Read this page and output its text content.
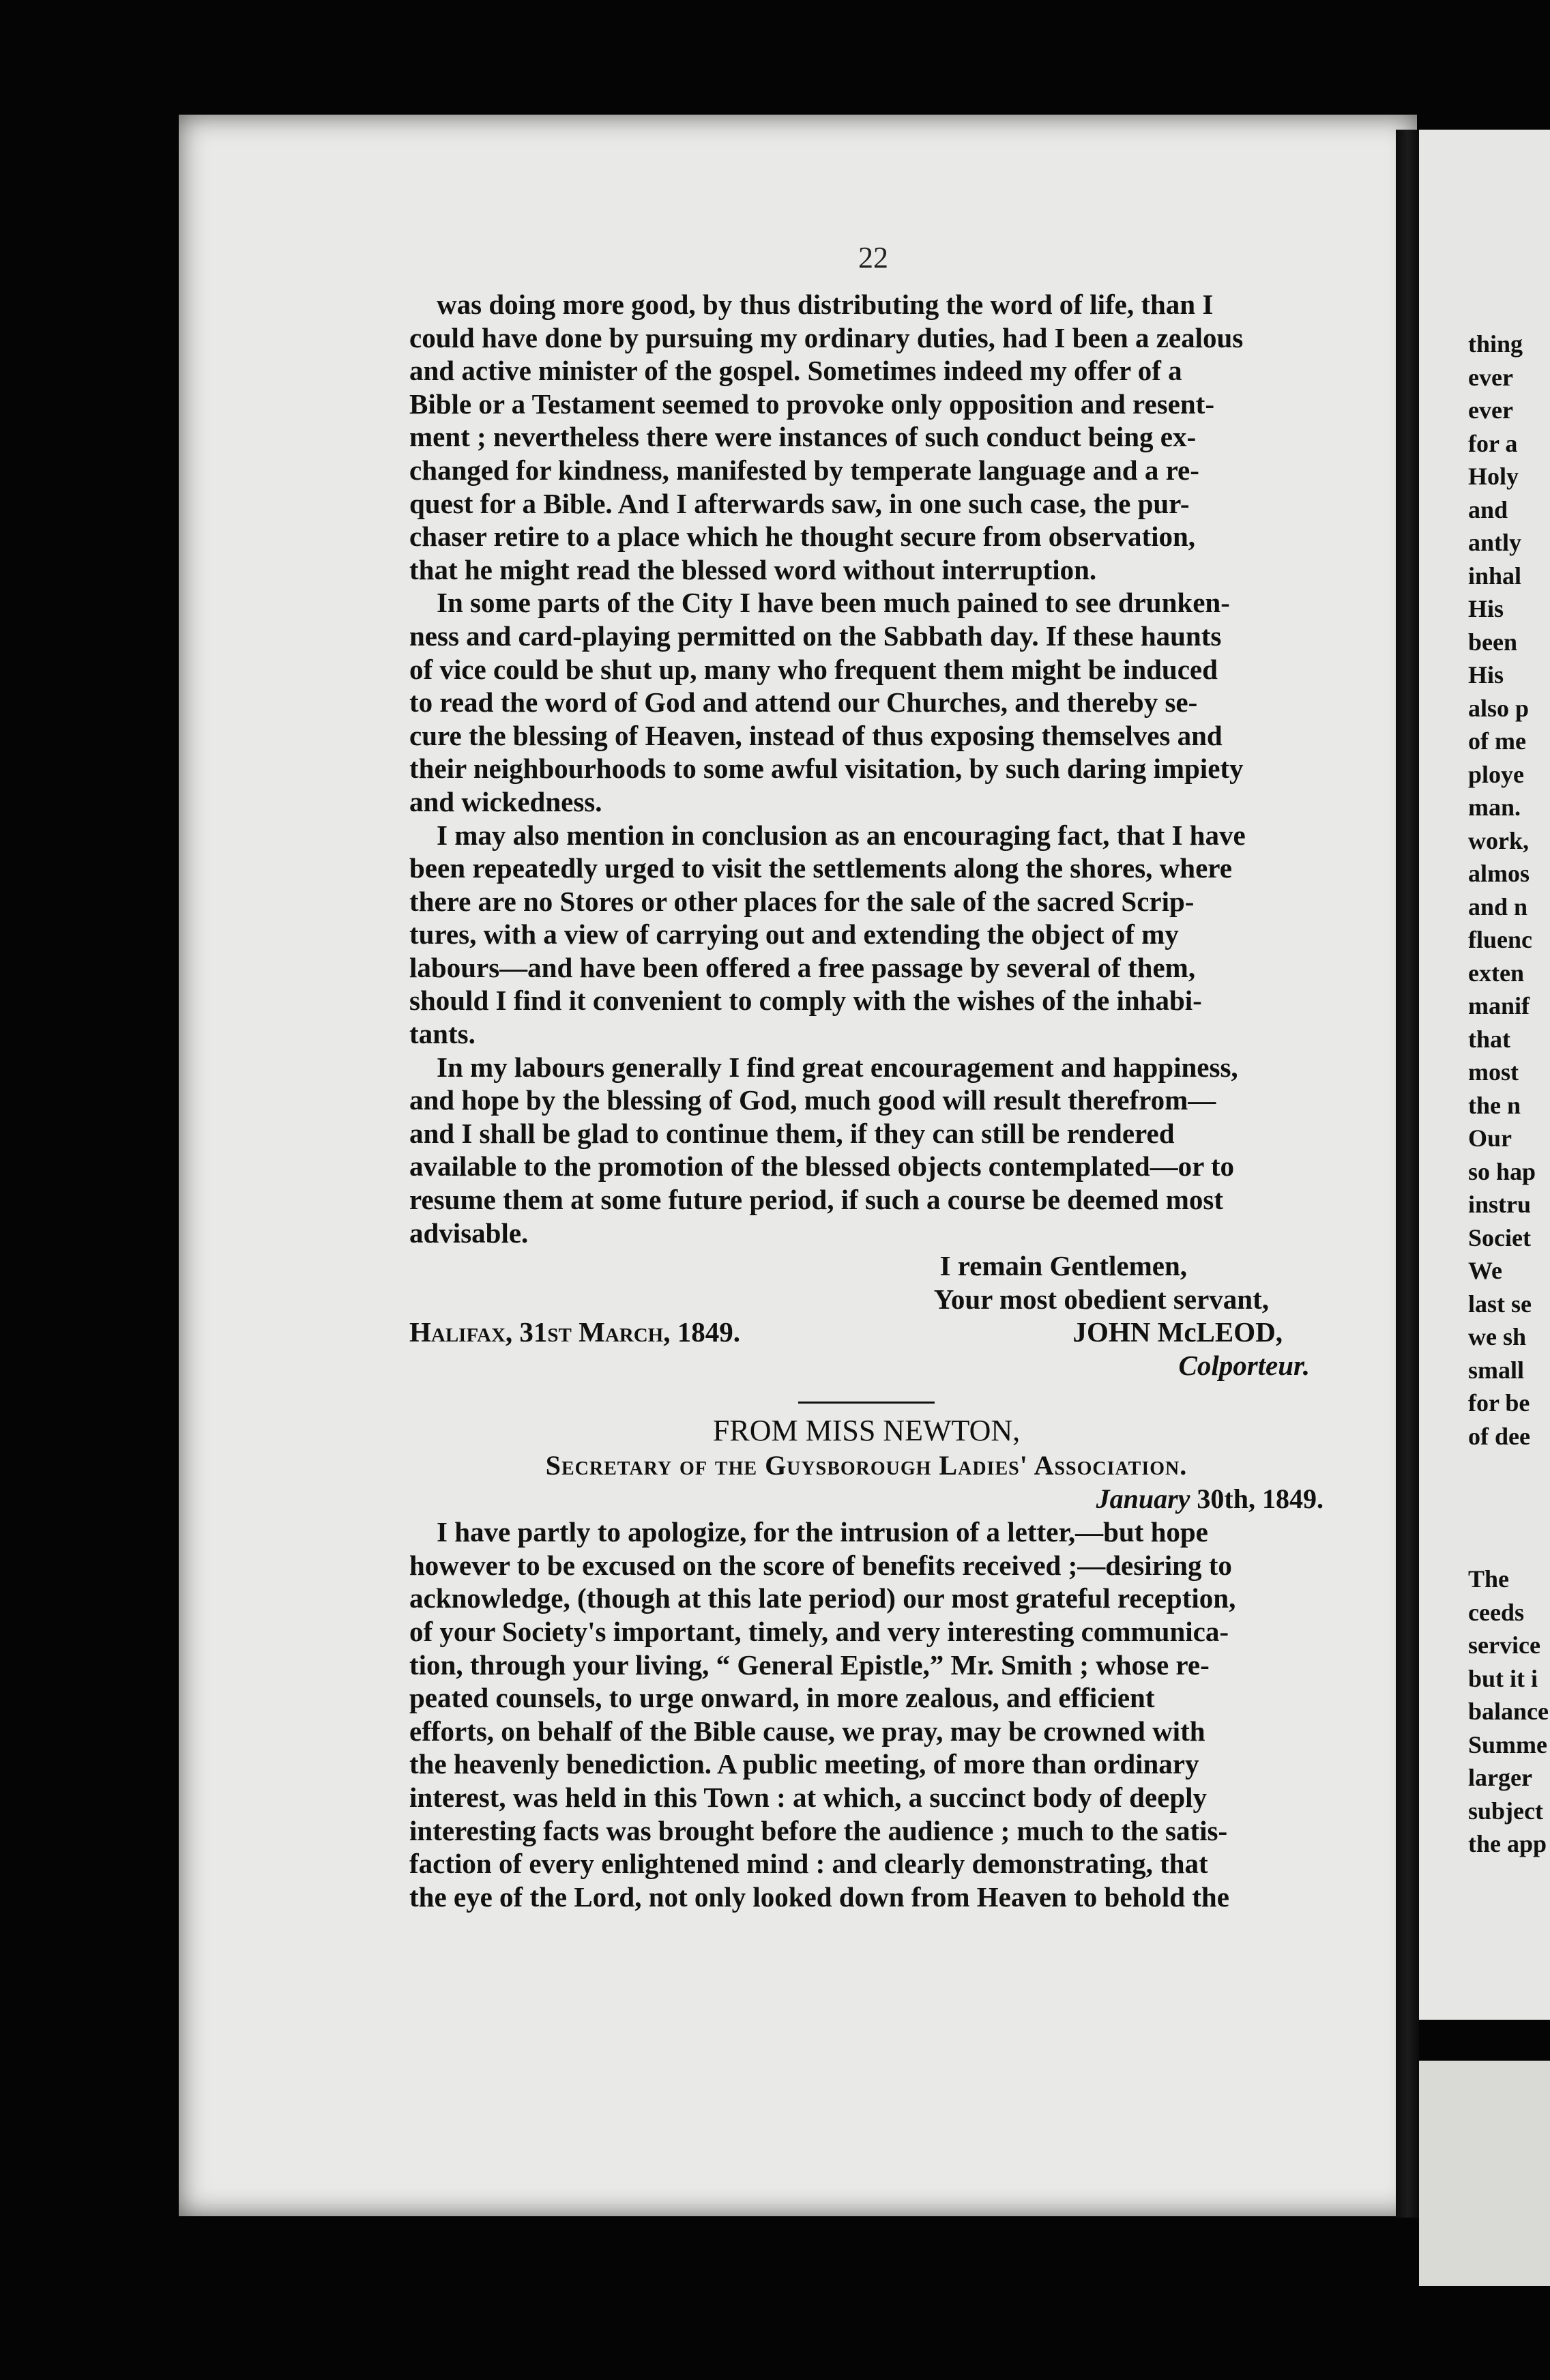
22
was doing more good, by thus distributing the word of life, than I
could have done by pursuing my ordinary duties, had I been a zealous
and active minister of the gospel. Sometimes indeed my offer of a
Bible or a Testament seemed to provoke only opposition and resent-
ment ; nevertheless there were instances of such conduct being ex-
changed for kindness, manifested by temperate language and a re-
quest for a Bible. And I afterwards saw, in one such case, the pur-
chaser retire to a place which he thought secure from observation,
that he might read the blessed word without interruption.
In some parts of the City I have been much pained to see drunken-
ness and card-playing permitted on the Sabbath day. If these haunts
of vice could be shut up, many who frequent them might be induced
to read the word of God and attend our Churches, and thereby se-
cure the blessing of Heaven, instead of thus exposing themselves and
their neighbourhoods to some awful visitation, by such daring impiety
and wickedness.
I may also mention in conclusion as an encouraging fact, that I have
been repeatedly urged to visit the settlements along the shores, where
there are no Stores or other places for the sale of the sacred Scrip-
tures, with a view of carrying out and extending the object of my
labours—and have been offered a free passage by several of them,
should I find it convenient to comply with the wishes of the inhabi-
tants.
In my labours generally I find great encouragement and happiness,
and hope by the blessing of God, much good will result therefrom—
and I shall be glad to continue them, if they can still be rendered
available to the promotion of the blessed objects contemplated—or to
resume them at some future period, if such a course be deemed most
advisable.
I remain Gentlemen,
Your most obedient servant,
Halifax, 31st March, 1849.	JOHN McLEOD,
Colporteur.
FROM MISS NEWTON,
Secretary of the Guysborough Ladies' Association.
January 30th, 1849.
I have partly to apologize, for the intrusion of a letter,—but hope
however to be excused on the score of benefits received ;—desiring to
acknowledge, (though at this late period) our most grateful reception,
of your Society's important, timely, and very interesting communica-
tion, through your living, “ General Epistle,” Mr. Smith ; whose re-
peated counsels, to urge onward, in more zealous, and efficient
efforts, on behalf of the Bible cause, we pray, may be crowned with
the heavenly benediction. A public meeting, of more than ordinary
interest, was held in this Town : at which, a succinct body of deeply
interesting facts was brought before the audience ; much to the satis-
faction of every enlightened mind : and clearly demonstrating, that
the eye of the Lord, not only looked down from Heaven to behold the
thing
ever
ever
for a
Holy
and
antly
inhal
His
been
His
also p
of me
ploye
man.
work,
almos
and n
fluenc
exten
manif
that
most
the n
Our
so hap
instru
Societ
We
last se
we sh
small
for be
of dee
The
ceeds
service
but it i
balance
Summe
larger
subject
the app
